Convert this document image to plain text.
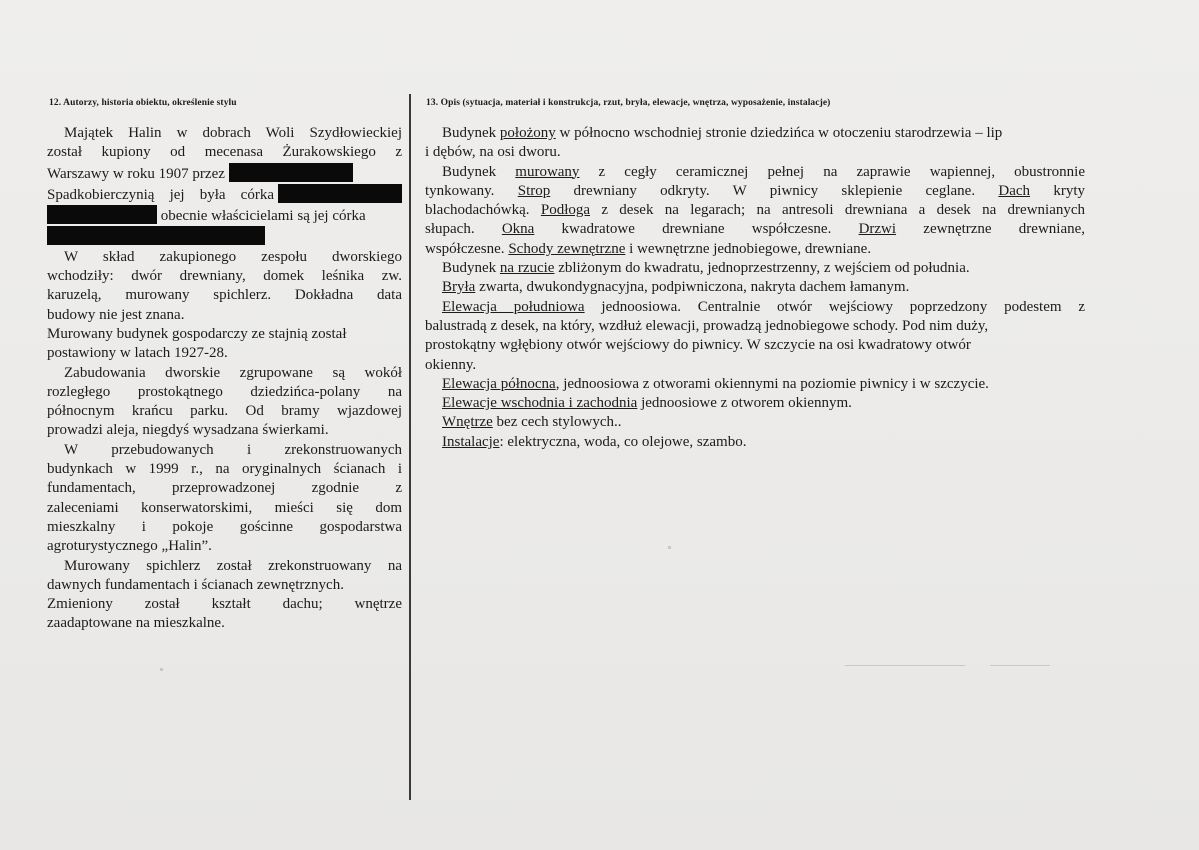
12. Autorzy, historia obiektu, określenie stylu	13. Opis (sytuacja, materiał i konstrukcja, rzut, bryła, elewacje, wnętrza, wyposażenie, instalacje)
Majątek Halin w dobrach Woli Szydłowieckiej
został kupiony od mecenasa Żurakowskiego z
Warszawy w roku 1907 przez
Spadkobierczynią jej była córka
obecnie właścicielami są jej córka
W skład zakupionego zespołu dworskiego
wchodziły: dwór drewniany, domek leśnika zw.
karuzelą, murowany spichlerz. Dokładna data
budowy nie jest znana.
Murowany budynek gospodarczy ze stajnią został
postawiony w latach 1927-28.
Zabudowania dworskie zgrupowane są wokół
rozległego prostokątnego dziedzińca-polany na
północnym krańcu parku. Od bramy wjazdowej
prowadzi aleja, niegdyś wysadzana świerkami.
W przebudowanych i zrekonstruowanych
budynkach w 1999 r., na oryginalnych ścianach i
fundamentach, przeprowadzonej zgodnie z
zaleceniami konserwatorskimi, mieści się dom
mieszkalny i pokoje gościnne gospodarstwa
agroturystycznego „Halin”.
Murowany spichlerz został zrekonstruowany na
dawnych fundamentach i ścianach zewnętrznych.
Zmieniony został kształt dachu; wnętrze
zaadaptowane na mieszkalne.
Budynek położony w północno wschodniej stronie dziedzińca w otoczeniu starodrzewia – lip
i dębów, na osi dworu.
Budynek murowany z cegły ceramicznej pełnej na zaprawie wapiennej, obustronnie
tynkowany. Strop drewniany odkryty. W piwnicy sklepienie ceglane. Dach kryty
blachodachówką. Podłoga z desek na legarach; na antresoli drewniana a desek na drewnianych
słupach. Okna kwadratowe drewniane współczesne. Drzwi zewnętrzne drewniane,
współczesne. Schody zewnętrzne i wewnętrzne jednobiegowe, drewniane.
Budynek na rzucie zbliżonym do kwadratu, jednoprzestrzenny, z wejściem od południa.
Bryła zwarta, dwukondygnacyjna, podpiwniczona, nakryta dachem łamanym.
Elewacja południowa jednoosiowa. Centralnie otwór wejściowy poprzedzony podestem z
balustradą z desek, na który, wzdłuż elewacji, prowadzą jednobiegowe schody. Pod nim duży,
prostokątny wgłębiony otwór wejściowy do piwnicy. W szczycie na osi kwadratowy otwór
okienny.
Elewacja północna, jednoosiowa z otworami okiennymi na poziomie piwnicy i w szczycie.
Elewacje wschodnia i zachodnia jednoosiowe z otworem okiennym.
Wnętrze bez cech stylowych..
Instalacje: elektryczna, woda, co olejowe, szambo.
